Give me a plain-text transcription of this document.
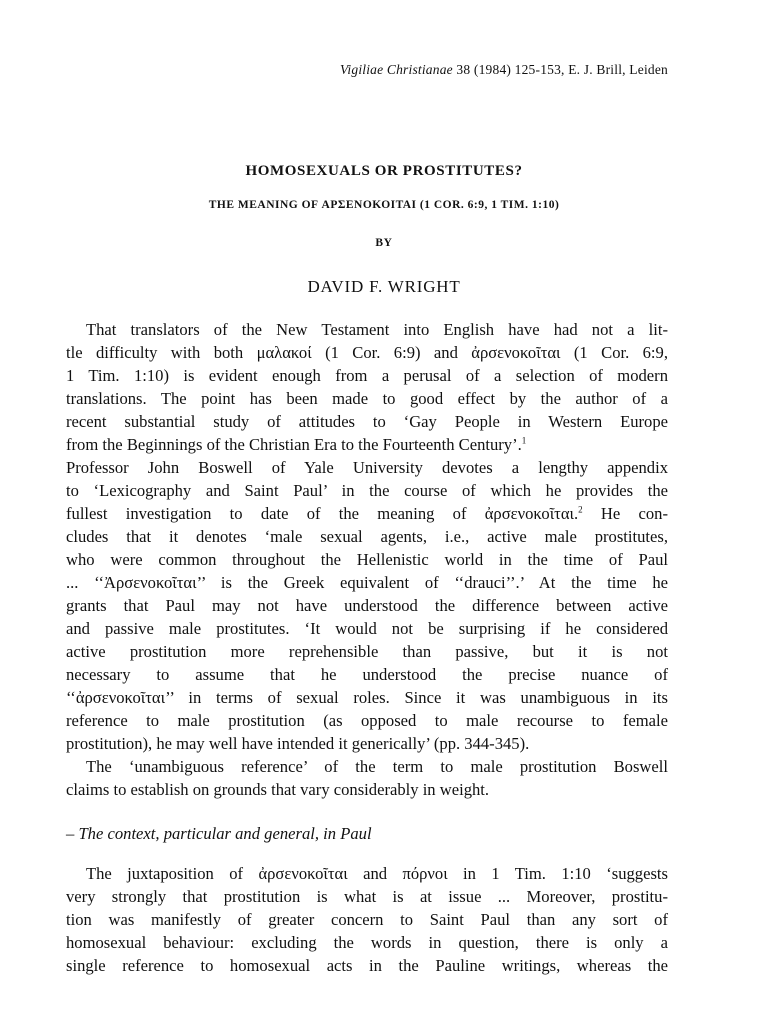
Vigiliae Christianae 38 (1984) 125-153, E. J. Brill, Leiden
HOMOSEXUALS OR PROSTITUTES?
THE MEANING OF ΑΡΣΕΝΟΚΟΙΤΑΙ (1 COR. 6:9, 1 TIM. 1:10)
BY
DAVID F. WRIGHT
That translators of the New Testament into English have had not a lit-
tle difficulty with both μαλακοί (1 Cor. 6:9) and ἀρσενοκοῖται (1 Cor. 6:9,
1 Tim. 1:10) is evident enough from a perusal of a selection of modern
translations. The point has been made to good effect by the author of a
recent substantial study of attitudes to ‘Gay People in Western Europe
from the Beginnings of the Christian Era to the Fourteenth Century’.$^1$
Professor John Boswell of Yale University devotes a lengthy appendix
to ‘Lexicography and Saint Paul’ in the course of which he provides the
fullest investigation to date of the meaning of ἀρσενοκοῖται.$^2$ He con-
cludes that it denotes ‘male sexual agents, i.e., active male prostitutes,
who were common throughout the Hellenistic world in the time of Paul
... ‘‘Ἀρσενοκοῖται’’ is the Greek equivalent of ‘‘drauci’’.’ At the time he
grants that Paul may not have understood the difference between active
and passive male prostitutes. ‘It would not be surprising if he considered
active prostitution more reprehensible than passive, but it is not
necessary to assume that he understood the precise nuance of
‘‘ἀρσενοκοῖται’’ in terms of sexual roles. Since it was unambiguous in its
reference to male prostitution (as opposed to male recourse to female
prostitution), he may well have intended it generically’ (pp. 344-345).
The ‘unambiguous reference’ of the term to male prostitution Boswell
claims to establish on grounds that vary considerably in weight.
– The context, particular and general, in Paul
The juxtaposition of ἀρσενοκοῖται and πόρνοι in 1 Tim. 1:10 ‘suggests
very strongly that prostitution is what is at issue ... Moreover, prostitu-
tion was manifestly of greater concern to Saint Paul than any sort of
homosexual behaviour: excluding the words in question, there is only a
single reference to homosexual acts in the Pauline writings, whereas the
